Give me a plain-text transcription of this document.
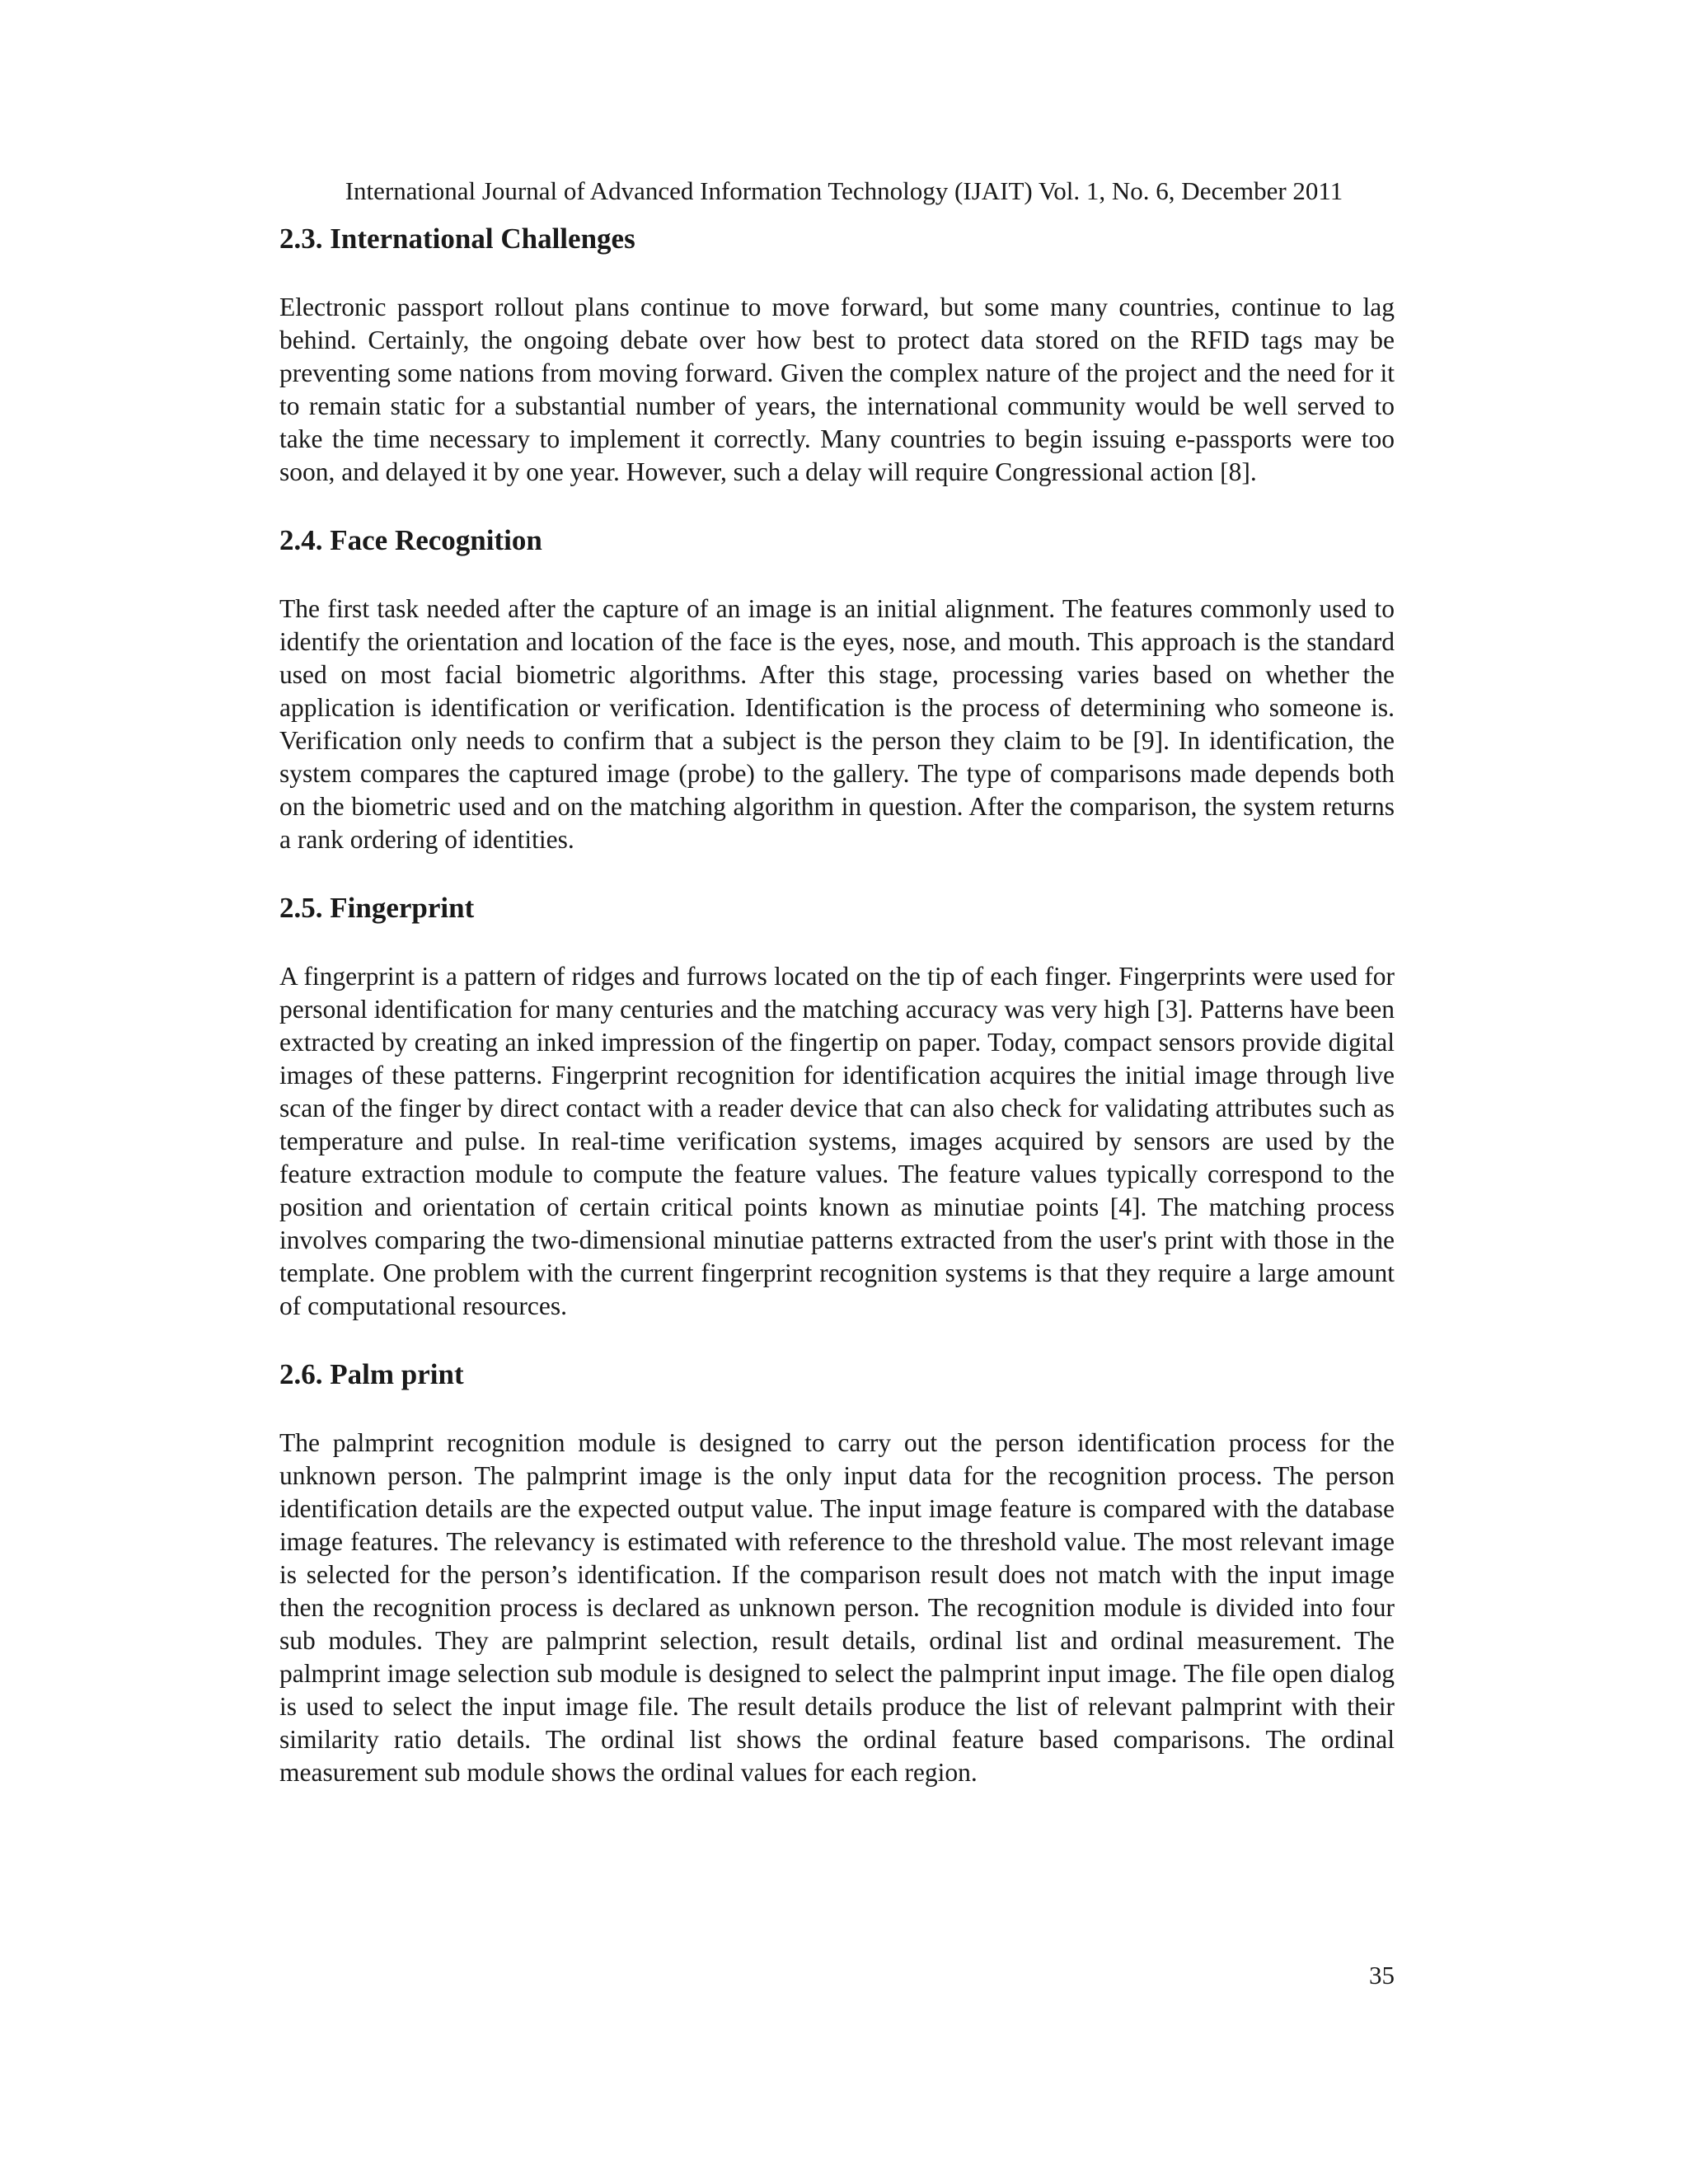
International Journal of Advanced Information Technology (IJAIT) Vol. 1, No. 6, December 2011
2.3. International Challenges

Electronic passport rollout plans continue to move forward, but some many countries, continue to lag behind. Certainly, the ongoing debate over how best to protect data stored on the RFID tags may be preventing some nations from moving forward. Given the complex nature of the project and the need for it to remain static for a substantial number of years, the international community would be well served to take the time necessary to implement it correctly. Many countries to begin issuing e-passports were too soon, and delayed it by one year. However, such a delay will require Congressional action [8].

2.4. Face Recognition

The first task needed after the capture of an image is an initial alignment. The features commonly used to identify the orientation and location of the face is the eyes, nose, and mouth. This approach is the standard used on most facial biometric algorithms. After this stage, processing varies based on whether the application is identification or verification. Identification is the process of determining who someone is. Verification only needs to confirm that a subject is the person they claim to be [9]. In identification, the system compares the captured image (probe) to the gallery. The type of comparisons made depends both on the biometric used and on the matching algorithm in question. After the comparison, the system returns a rank ordering of identities.

2.5. Fingerprint

A fingerprint is a pattern of ridges and furrows located on the tip of each finger. Fingerprints were used for personal identification for many centuries and the matching accuracy was very high [3]. Patterns have been extracted by creating an inked impression of the fingertip on paper. Today, compact sensors provide digital images of these patterns. Fingerprint recognition for identification acquires the initial image through live scan of the finger by direct contact with a reader device that can also check for validating attributes such as temperature and pulse. In real-time verification systems, images acquired by sensors are used by the feature extraction module to compute the feature values. The feature values typically correspond to the position and orientation of certain critical points known as minutiae points [4]. The matching process involves comparing the two-dimensional minutiae patterns extracted from the user's print with those in the template. One problem with the current fingerprint recognition systems is that they require a large amount of computational resources.

2.6. Palm print

The palmprint recognition module is designed to carry out the person identification process for the unknown person. The palmprint image is the only input data for the recognition process. The person identification details are the expected output value. The input image feature is compared with the database image features. The relevancy is estimated with reference to the threshold value. The most relevant image is selected for the person’s identification. If the comparison result does not match with the input image then the recognition process is declared as unknown person. The recognition module is divided into four sub modules. They are palmprint selection, result details, ordinal list and ordinal measurement. The palmprint image selection sub module is designed to select the palmprint input image. The file open dialog is used to select the input image file. The result details produce the list of relevant palmprint with their similarity ratio details. The ordinal list shows the ordinal feature based comparisons. The ordinal measurement sub module shows the ordinal values for each region.

35
